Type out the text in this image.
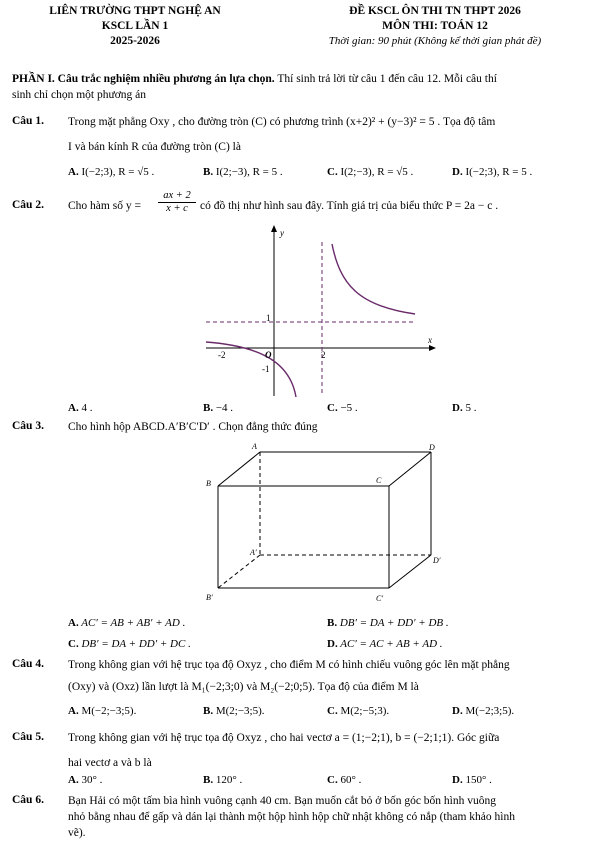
LIÊN TRƯỜNG THPT NGHỆ AN
KSCL LẦN 1
2025-2026
ĐỀ KSCL ÔN THI TN THPT 2026
MÔN THI: TOÁN 12
Thời gian: 90 phút (Không kể thời gian phát đề)
PHẦN I. Câu trắc nghiệm nhiều phương án lựa chọn. Thí sinh trả lời từ câu 1 đến câu 12. Mỗi câu thí
sinh chỉ chọn một phương án
Câu 1. Trong mặt phẳng Oxy , cho đường tròn (C) có phương trình (x+2)² + (y−3)² = 5 . Tọa độ tâm
I và bán kính R của đường tròn (C) là
A. I(−2;3), R = √5 .	B. I(2;−3), R = 5 .	C. I(2;−3), R = √5 .	D. I(−2;3), R = 5 .
Câu 2. Cho hàm số y =
ax + 2
x + c	có đồ thị như hình sau đây. Tính giá trị của biểu thức P = 2a − c .
y
x
1
-2	O	2
-1
A. 4 .	B. −4 .	C. −5 .	D. 5 .
Câu 3. Cho hình hộp ABCD.A′B′C′D′ . Chọn đẳng thức đúng
A	D
B	C
A′
D′
B′	C′
A. AC′ = AB + AB′ + AD .	B. DB′ = DA + DD′ + DB .
C. DB′ = DA + DD′ + DC .	D. AC′ = AC + AB + AD .
Câu 4. Trong không gian với hệ trục tọa độ Oxyz , cho điểm M có hình chiếu vuông góc lên mặt phẳng
(Oxy) và (Oxz) lần lượt là M₁(−2;3;0) và M₂(−2;0;5). Tọa độ của điểm M là
A. M(−2;−3;5).	B. M(2;−3;5).	C. M(2;−5;3).	D. M(−2;3;5).
Câu 5. Trong không gian với hệ trục tọa độ Oxyz , cho hai vectơ a = (1;−2;1), b = (−2;1;1). Góc giữa
hai vectơ a và b là
A. 30° .	B. 120° .	C. 60° .	D. 150° .
Câu 6. Bạn Hải có một tấm bìa hình vuông cạnh 40 cm. Bạn muốn cắt bỏ ở bốn góc bốn hình vuông
nhỏ bằng nhau để gấp và dán lại thành một hộp hình hộp chữ nhật không có nắp (tham khảo hình
vẽ).
